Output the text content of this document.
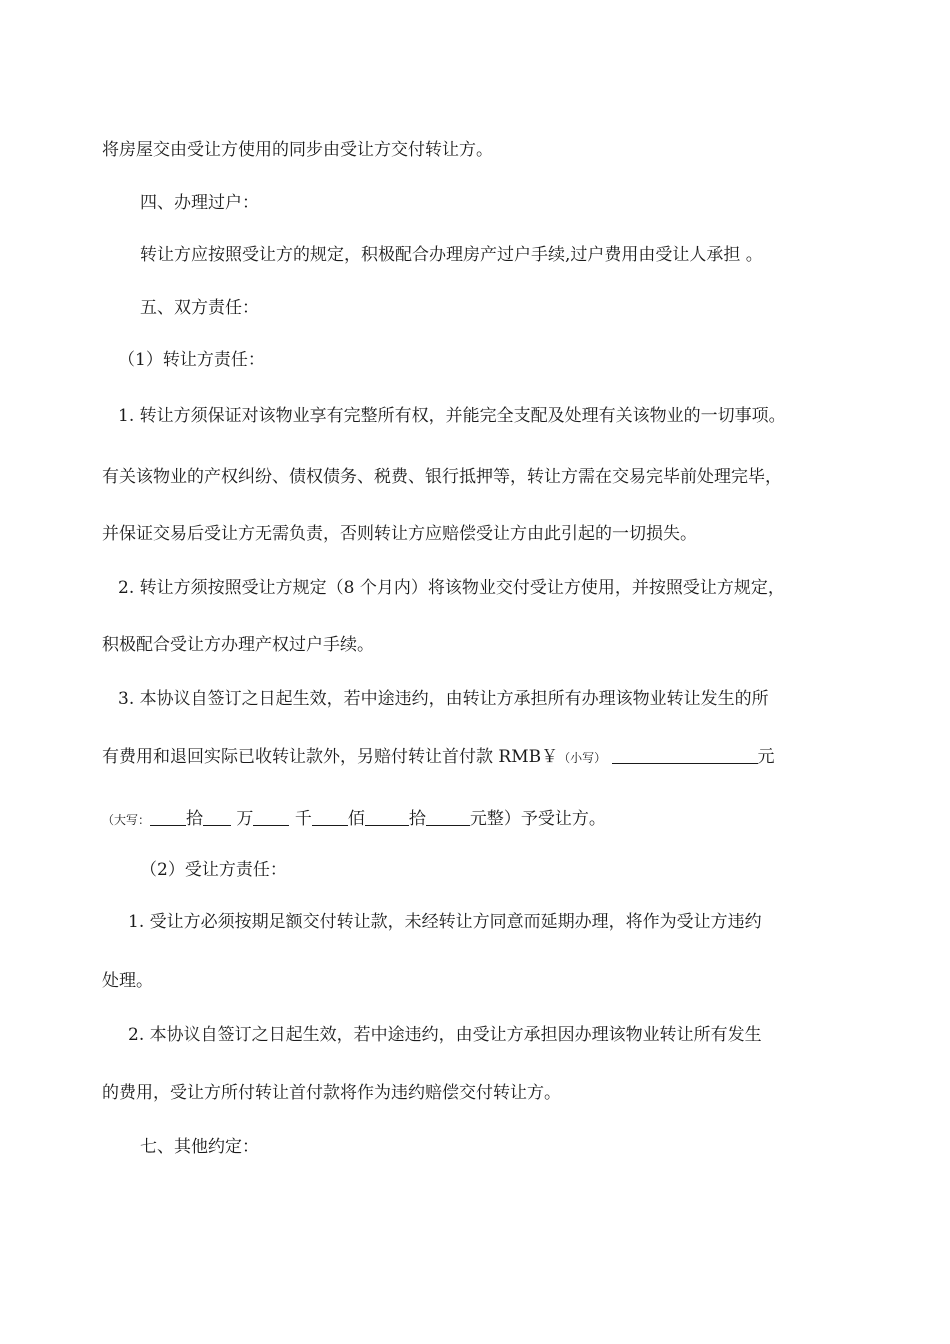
将房屋交由受让方使用的同步由受让方交付转让方。
四、办理过户：
转让方应按照受让方的规定，积极配合办理房产过户手续,过户费用由受让人承担 。
五、双方责任：
（1）转让方责任：
1. 转让方须保证对该物业享有完整所有权，并能完全支配及处理有关该物业的一切事项。
有关该物业的产权纠纷、债权债务、税费、银行抵押等，转让方需在交易完毕前处理完毕，
并保证交易后受让方无需负责，否则转让方应赔偿受让方由此引起的一切损失。
2. 转让方须按照受让方规定（8 个月内）将该物业交付受让方使用，并按照受让方规定，
积极配合受让方办理产权过户手续。
3. 本协议自签订之日起生效，若中途违约，由转让方承担所有办理该物业转让发生的所
有费用和退回实际已收转让款外，另赔付转让首付款 RMB￥（小写）	元
（大写： 拾 万 千 佰	拾	元整）予受让方。
（2）受让方责任：
1. 受让方必须按期足额交付转让款，未经转让方同意而延期办理，将作为受让方违约
处理。
2. 本协议自签订之日起生效，若中途违约，由受让方承担因办理该物业转让所有发生
的费用，受让方所付转让首付款将作为违约赔偿交付转让方。
七、其他约定：
